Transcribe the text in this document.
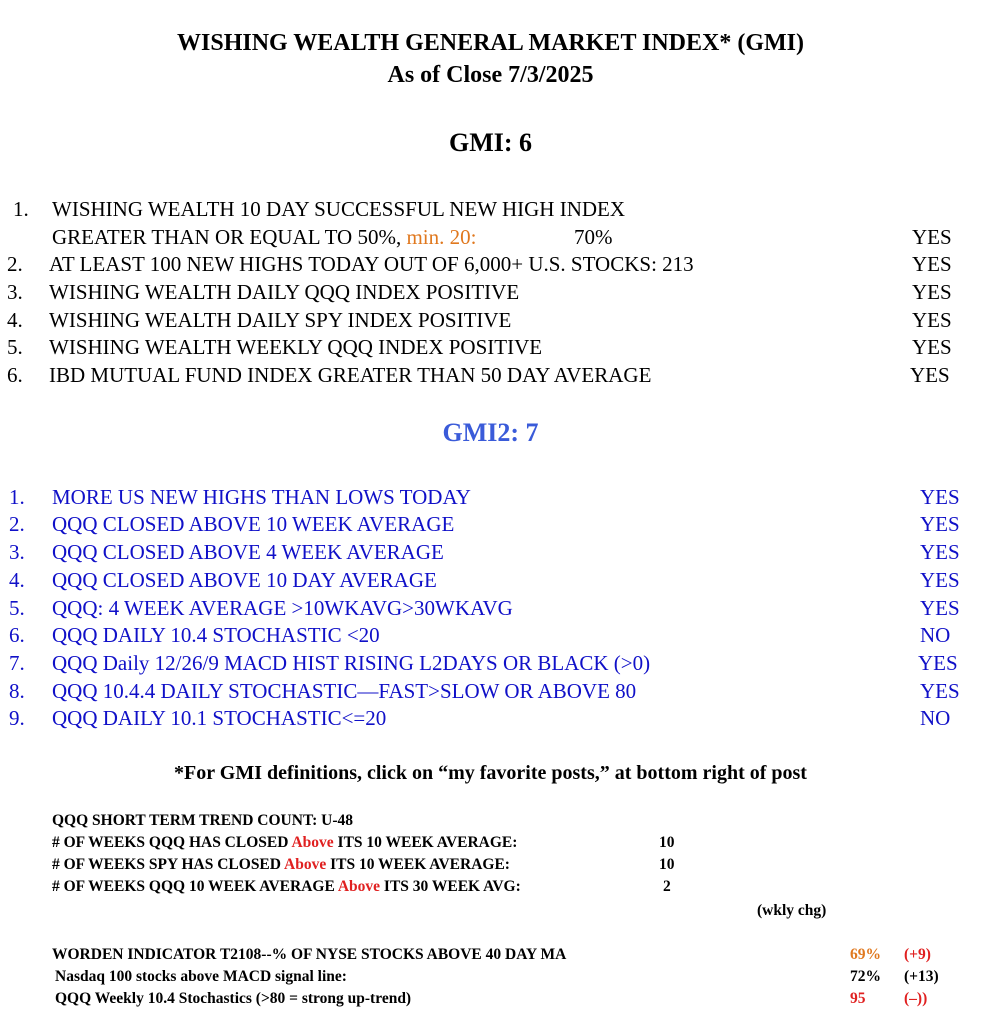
WISHING WEALTH GENERAL MARKET INDEX* (GMI)
As of Close 7/3/2025
GMI: 6
1. WISHING WEALTH 10 DAY SUCCESSFUL NEW HIGH INDEX
GREATER THAN OR EQUAL TO 50%, min. 20:	70%	YES
2. AT LEAST 100 NEW HIGHS TODAY OUT OF 6,000+ U.S. STOCKS: 213	YES
3. WISHING WEALTH DAILY QQQ INDEX POSITIVE	YES
4. WISHING WEALTH DAILY SPY INDEX POSITIVE	YES
5. WISHING WEALTH WEEKLY QQQ INDEX POSITIVE	YES
6. IBD MUTUAL FUND INDEX GREATER THAN 50 DAY AVERAGE	YES
GMI2: 7
1. MORE US NEW HIGHS THAN LOWS TODAY	YES
2. QQQ CLOSED ABOVE 10 WEEK AVERAGE	YES
3. QQQ CLOSED ABOVE 4 WEEK AVERAGE	YES
4. QQQ CLOSED ABOVE 10 DAY AVERAGE	YES
5. QQQ: 4 WEEK AVERAGE >10WKAVG>30WKAVG	YES
6. QQQ DAILY 10.4 STOCHASTIC <20	NO
7. QQQ Daily 12/26/9 MACD HIST RISING L2DAYS OR BLACK (>0)	YES
8. QQQ 10.4.4 DAILY STOCHASTIC—FAST>SLOW OR ABOVE 80	YES
9. QQQ DAILY 10.1 STOCHASTIC<=20	NO
*For GMI definitions, click on “my favorite posts,” at bottom right of post
QQQ SHORT TERM TREND COUNT: U-48
# OF WEEKS QQQ HAS CLOSED Above ITS 10 WEEK AVERAGE:	10
# OF WEEKS SPY HAS CLOSED Above ITS 10 WEEK AVERAGE:	10
# OF WEEKS QQQ 10 WEEK AVERAGE Above ITS 30 WEEK AVG:	2
(wkly chg)
WORDEN INDICATOR T2108--% OF NYSE STOCKS ABOVE 40 DAY MA	69% (+9)
Nasdaq 100 stocks above MACD signal line:	72% (+13)
QQQ Weekly 10.4 Stochastics (>80 = strong up-trend)	95 (–))
